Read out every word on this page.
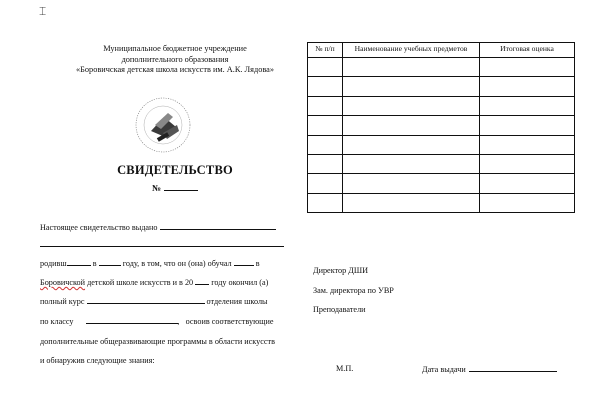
⌶
Муниципальное бюджетное учреждение
дополнительного образования
«Боровичская детская школа искусств им. А.К. Лядова»
СВИДЕТЕЛЬСТВО
№
Настоящее свидетельство выдано
родивш	в	году, в том, что он (она) обучал	в
Боровичской детской школе искусств и в 20 году окончил (а)
полный курс	отделения школы
по классу	, освоив соответствующие
дополнительные общеразвивающие программы в области искусств
и обнаружив следующие знания:
№ п/п	Наименование учебных предметов	Итоговая оценка

Директор ДШИ
Зам. директора по УВР
Преподаватели
М.П.	Дата выдачи
